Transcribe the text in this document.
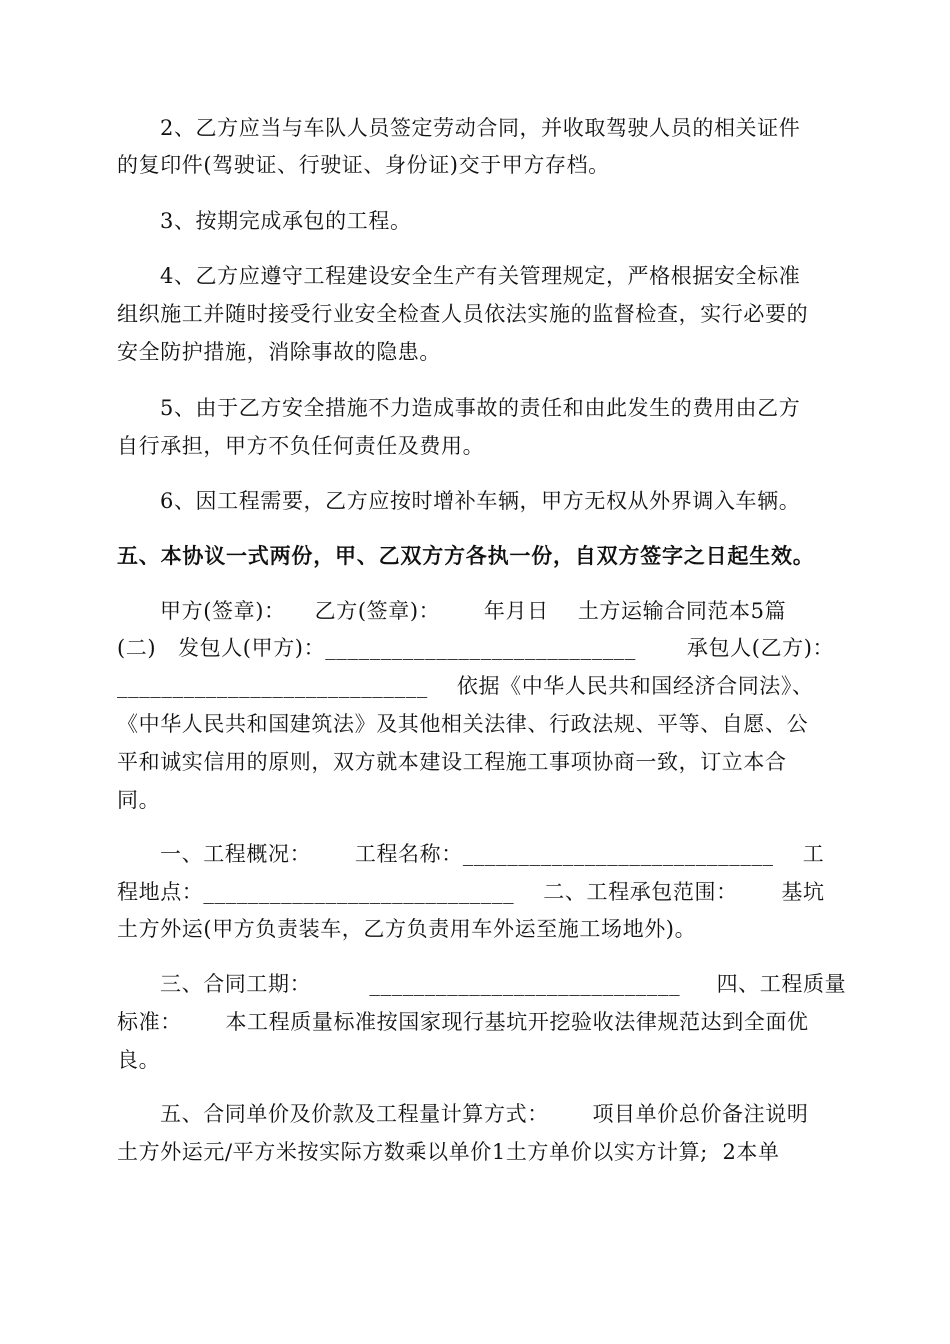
2、乙方应当与车队人员签定劳动合同，并收取驾驶人员的相关证件
的复印件(驾驶证、行驶证、身份证)交于甲方存档。
3、按期完成承包的工程。
4、乙方应遵守工程建设安全生产有关管理规定，严格根据安全标准
组织施工并随时接受行业安全检查人员依法实施的监督检查，实行必要的
安全防护措施，消除事故的隐患。
5、由于乙方安全措施不力造成事故的责任和由此发生的费用由乙方
自行承担，甲方不负任何责任及费用。
6、因工程需要，乙方应按时增补车辆，甲方无权从外界调入车辆。
五、本协议一式两份，甲、乙双方方各执一份，自双方签字之日起生效。
甲方(签章)：    乙方(签章)：      年月日    土方运输合同范本5篇
(二)   发包人(甲方)：____________________________       承包人(乙方)：
____________________________    依据《中华人民共和国经济合同法》、
《中华人民共和国建筑法》及其他相关法律、行政法规、平等、自愿、公
平和诚实信用的原则，双方就本建设工程施工事项协商一致，订立本合
同。
一、工程概况：      工程名称：____________________________    工
程地点：____________________________    二、工程承包范围：      基坑
土方外运(甲方负责装车，乙方负责用车外运至施工场地外)。
三、合同工期：        ____________________________     四、工程质量
标准：      本工程质量标准按国家现行基坑开挖验收法律规范达到全面优
良。
五、合同单价及价款及工程量计算方式：      项目单价总价备注说明
土方外运元/平方米按实际方数乘以单价1土方单价以实方计算;  2本单
